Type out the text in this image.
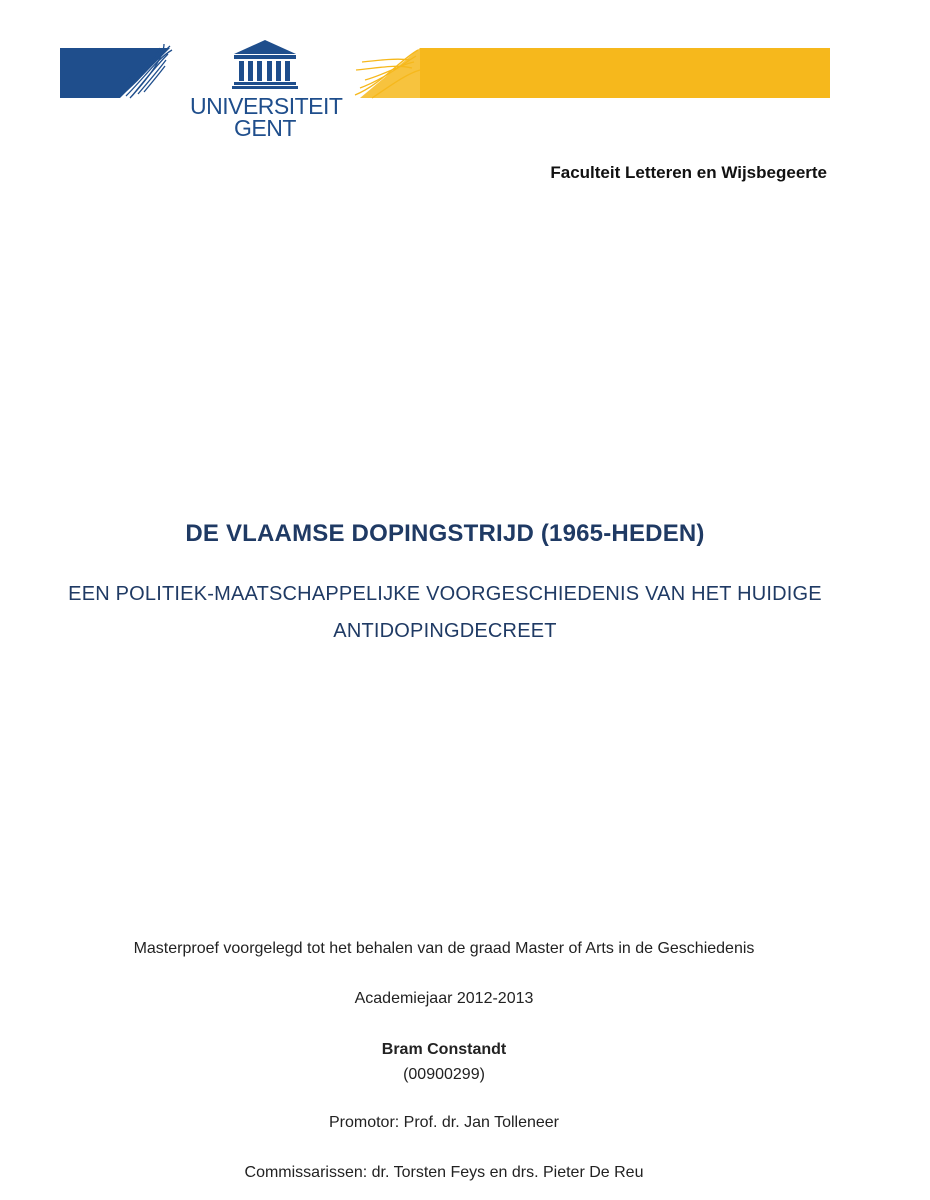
UNIVERSITEIT
GENT
Faculteit Letteren en Wijsbegeerte
DE VLAAMSE DOPINGSTRIJD (1965-HEDEN)
EEN POLITIEK-MAATSCHAPPELIJKE VOORGESCHIEDENIS VAN HET HUIDIGE
ANTIDOPINGDECREET
Masterproef voorgelegd tot het behalen van de graad Master of Arts in de Geschiedenis
Academiejaar 2012-2013
Bram Constandt
(00900299)
Promotor: Prof. dr. Jan Tolleneer
Commissarissen: dr. Torsten Feys en drs. Pieter De Reu
